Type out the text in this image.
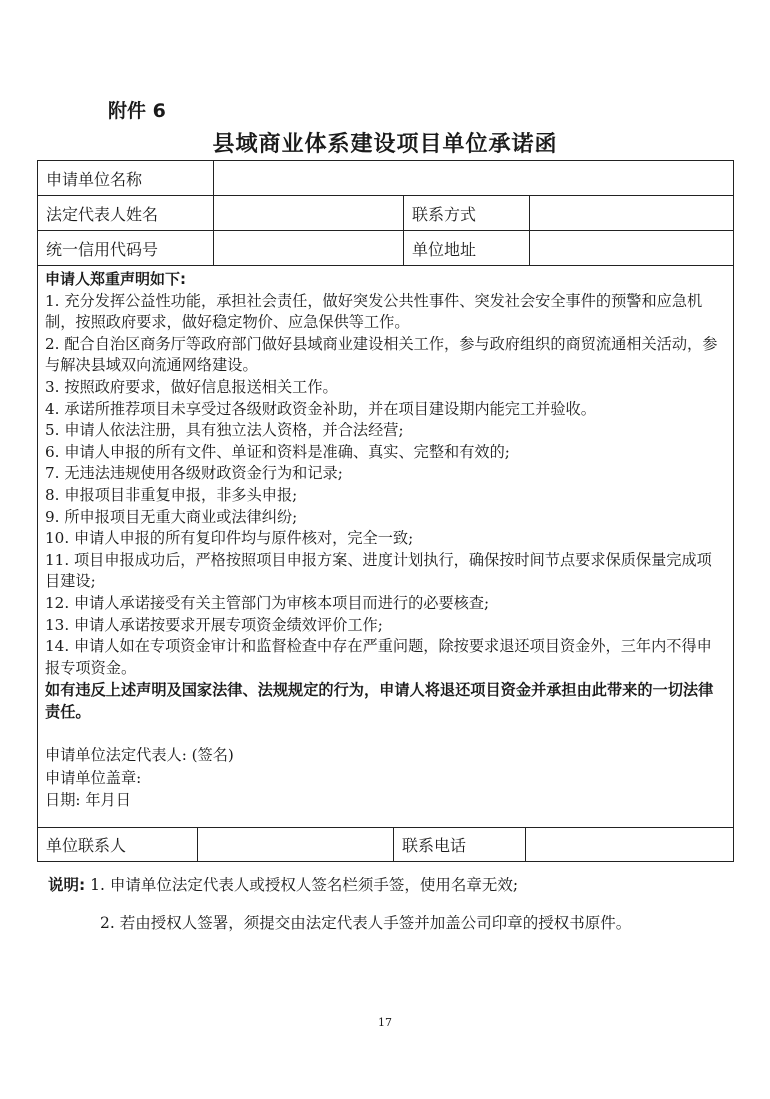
附件 6
县域商业体系建设项目单位承诺函
申请单位名称
法定代表人姓名	联系方式
统一信用代码号	单位地址
申请人郑重声明如下:

1. 充分发挥公益性功能，承担社会责任，做好突发公共性事件、突发社会安全事件的预警和应急机制，按照政府要求，做好稳定物价、应急保供等工作。

2. 配合自治区商务厅等政府部门做好县域商业建设相关工作，参与政府组织的商贸流通相关活动，参与解决县域双向流通网络建设。

3. 按照政府要求，做好信息报送相关工作。

4. 承诺所推荐项目未享受过各级财政资金补助，并在项目建设期内能完工并验收。

5. 申请人依法注册，具有独立法人资格，并合法经营;

6. 申请人申报的所有文件、单证和资料是准确、真实、完整和有效的;

7. 无违法违规使用各级财政资金行为和记录;

8. 申报项目非重复申报，非多头申报;

9. 所申报项目无重大商业或法律纠纷;

10. 申请人申报的所有复印件均与原件核对，完全一致;

11. 项目申报成功后，严格按照项目申报方案、进度计划执行，确保按时间节点要求保质保量完成项目建设;

12. 申请人承诺接受有关主管部门为审核本项目而进行的必要核查;

13. 申请人承诺按要求开展专项资金绩效评价工作;

14. 申请人如在专项资金审计和监督检查中存在严重问题，除按要求退还项目资金外，三年内不得申报专项资金。

如有违反上述声明及国家法律、法规规定的行为，申请人将退还项目资金并承担由此带来的一切法律责任。
申请单位法定代表人: (签名)
申请单位盖章:
日期: 年月日
单位联系人	联系电话
说明: 1. 申请单位法定代表人或授权人签名栏须手签，使用名章无效;
2. 若由授权人签署，须提交由法定代表人手签并加盖公司印章的授权书原件。
17
